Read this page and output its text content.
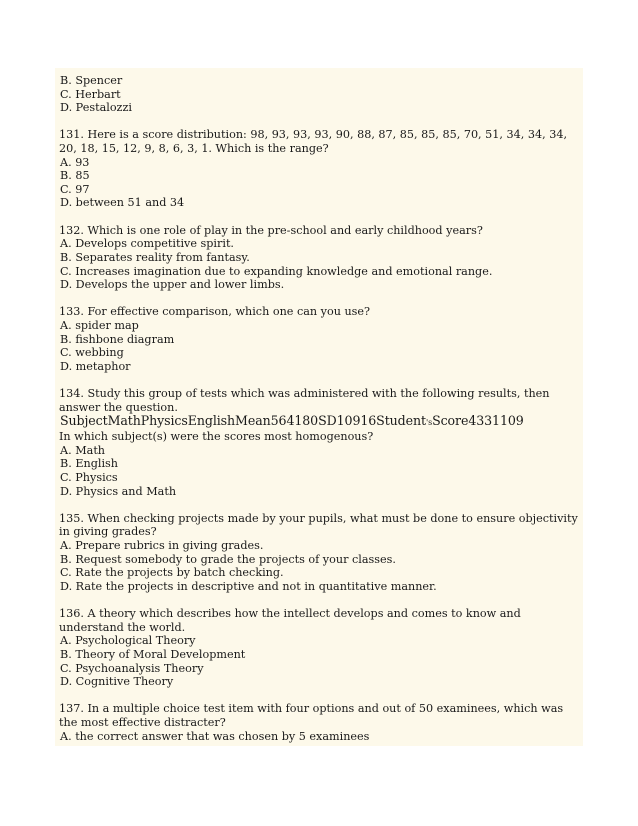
B. Spencer
C. Herbart
D. Pestalozzi
131. Here is a score distribution: 98, 93, 93, 93, 90, 88, 87, 85, 85, 85, 70, 51, 34, 34, 34, 20, 18, 15, 12, 9, 8, 6, 3, 1. Which is the range?
A. 93
B. 85
C. 97
D. between 51 and 34
132. Which is one role of play in the pre-school and early childhood years?
A. Develops competitive spirit.
B. Separates reality from fantasy.
C. Increases imagination due to expanding knowledge and emotional range.
D. Develops the upper and lower limbs.
133. For effective comparison, which one can you use?
A. spider map
B. fishbone diagram
C. webbing
D. metaphor
134. Study this group of tests which was administered with the following results, then answer the question.
SubjectMathPhysicsEnglishMean564180SD10916Student'sScore4331109
In which subject(s) were the scores most homogenous?
A. Math
B. English
C. Physics
D. Physics and Math
135. When checking projects made by your pupils, what must be done to ensure objectivity in giving grades?
A. Prepare rubrics in giving grades.
B. Request somebody to grade the projects of your classes.
C. Rate the projects by batch checking.
D. Rate the projects in descriptive and not in quantitative manner.
136. A theory which describes how the intellect develops and comes to know and understand the world.
A. Psychological Theory
B. Theory of Moral Development
C. Psychoanalysis Theory
D. Cognitive Theory
137. In a multiple choice test item with four options and out of 50 examinees, which was the most effective distracter?
A. the correct answer that was chosen by 5 examinees
